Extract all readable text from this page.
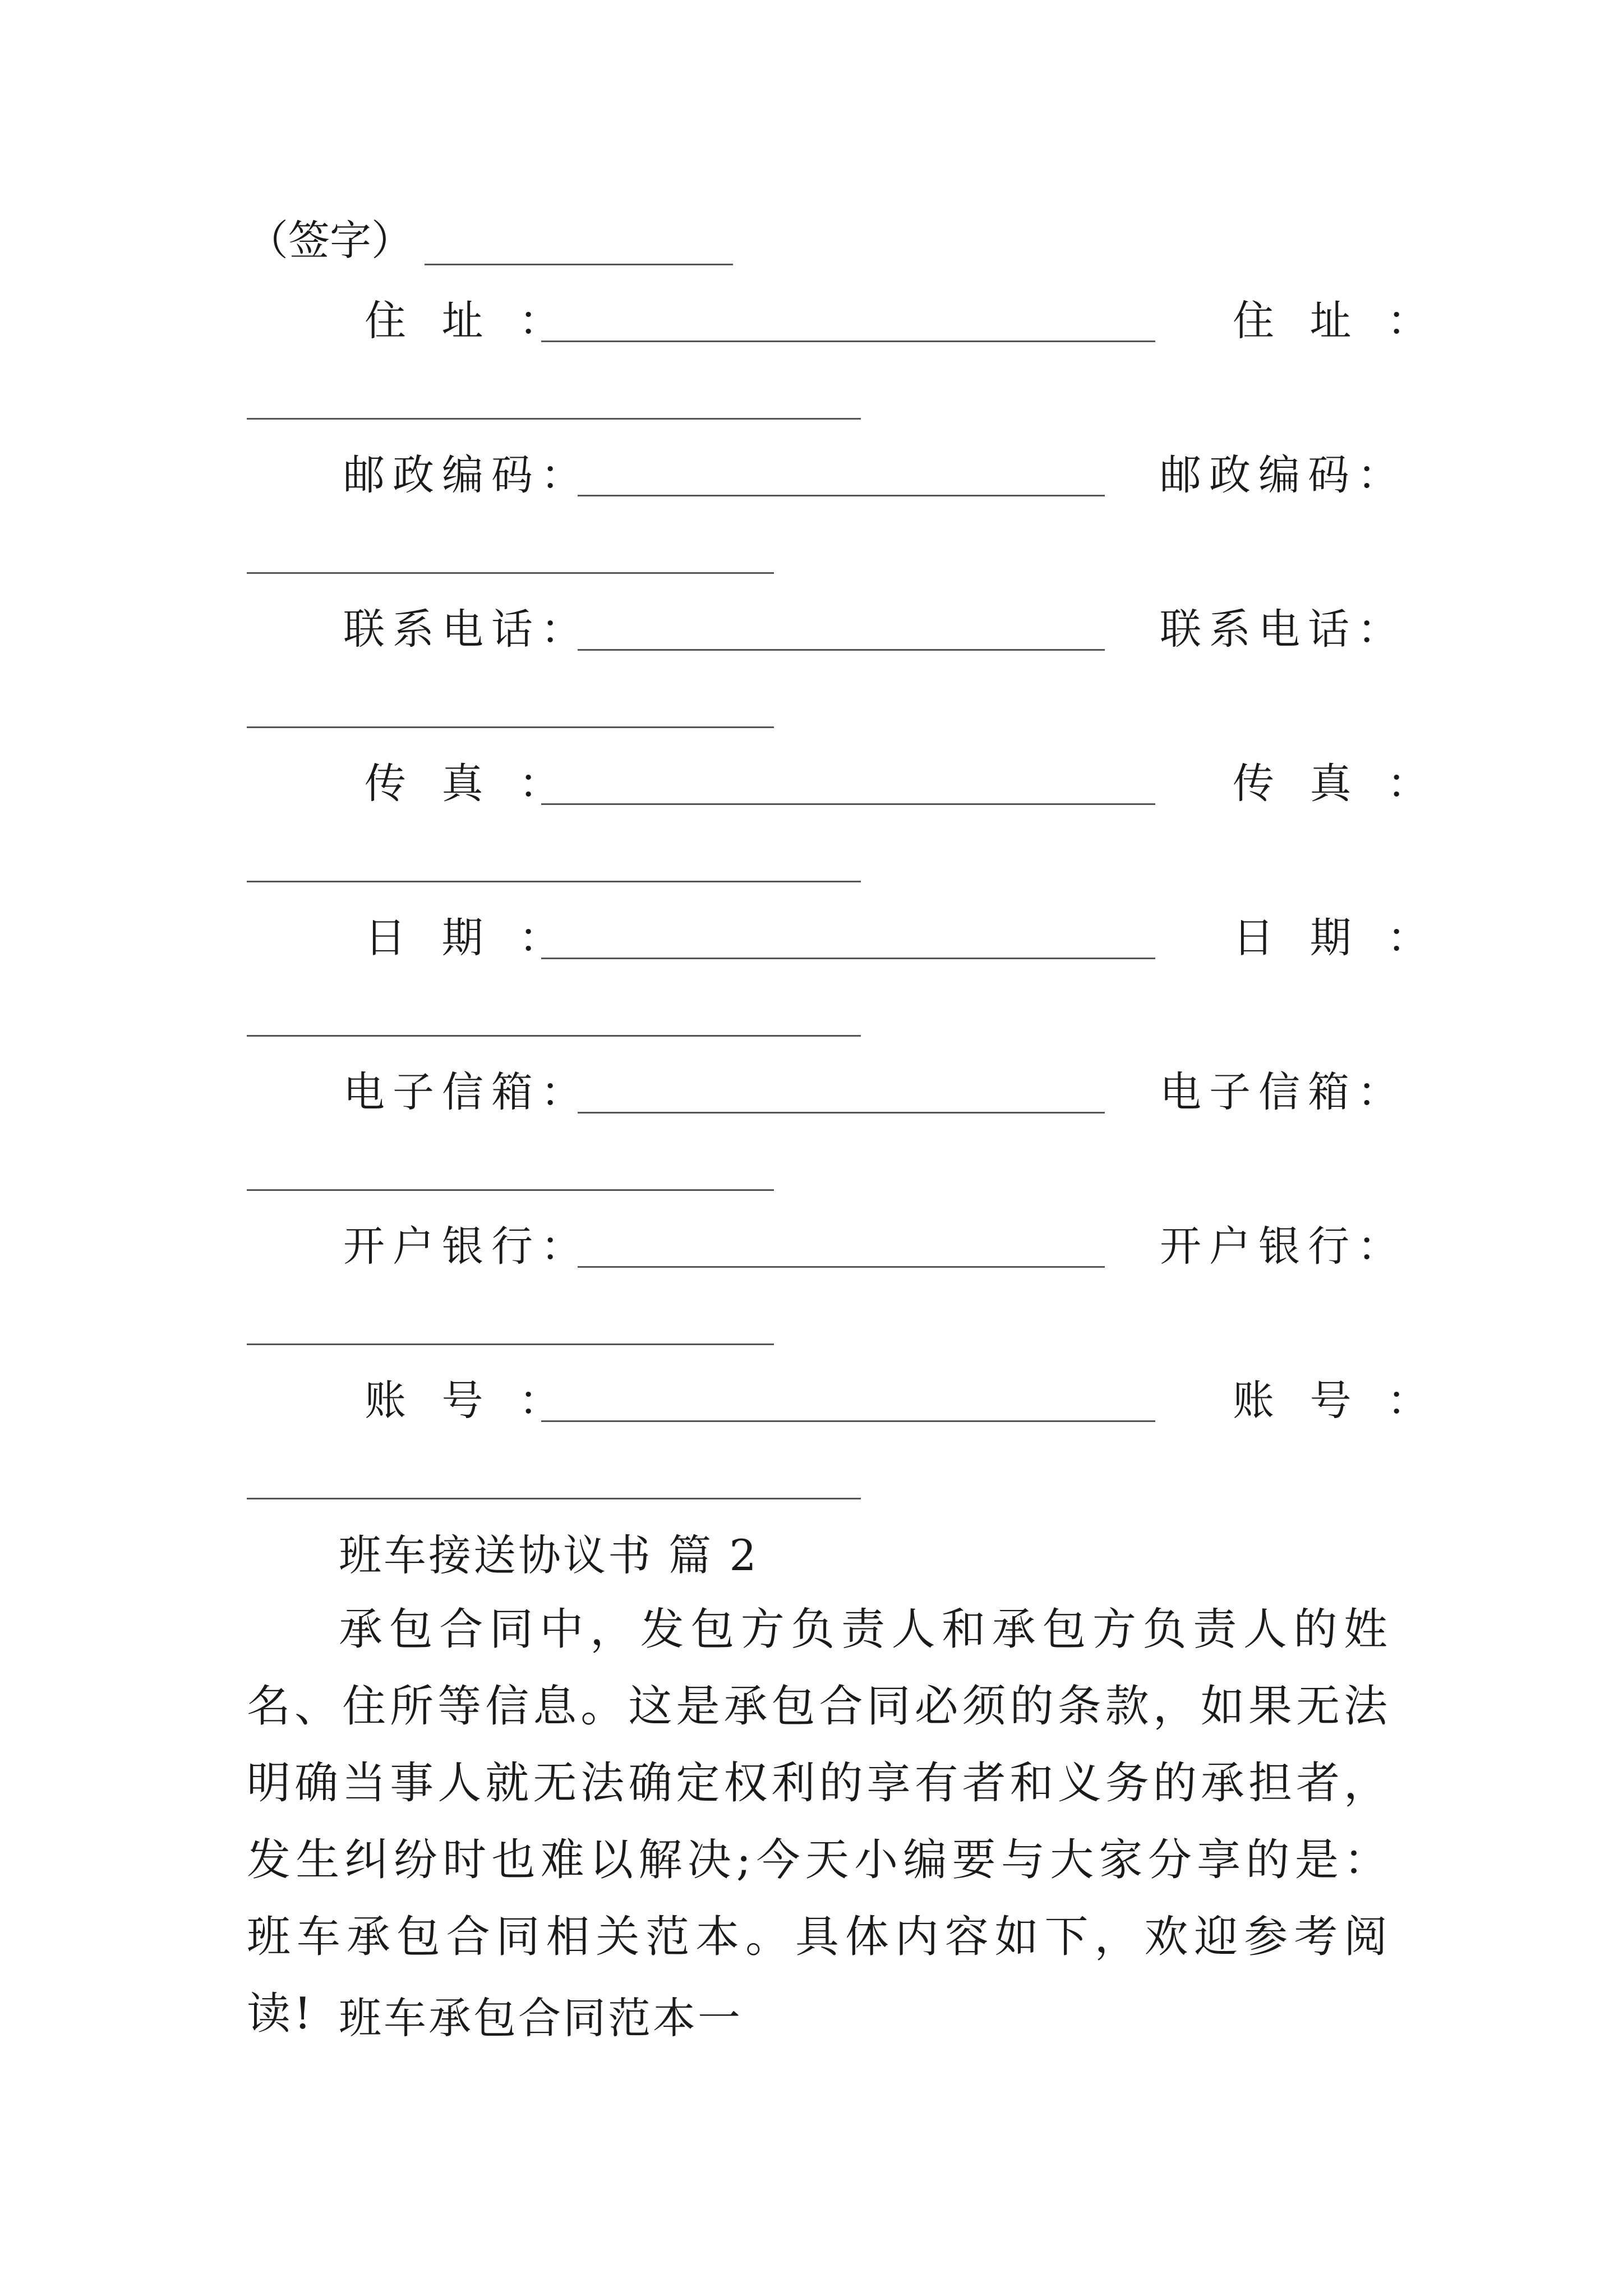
（签字）
住 址 ：	住 址 ：
邮政编码：	邮政编码：
联系电话：	联系电话：
传 真 ：	传 真 ：
日 期 ：	日 期 ：
电子信箱：	电子信箱：
开户银行：	开户银行：
账 号 ：	账 号 ：
班车接送协议书 篇 2

承包合同中，发包方负责人和承包方负责人的姓名、住所等信息。这是承包合同必须的条款，如果无法明确当事人就无法确定权利的享有者和义务的承担者，发生纠纷时也难以解决;今天小编要与大家分享的是：班车承包合同相关范本。具体内容如下，欢迎参考阅读! 班车承包合同范本一
